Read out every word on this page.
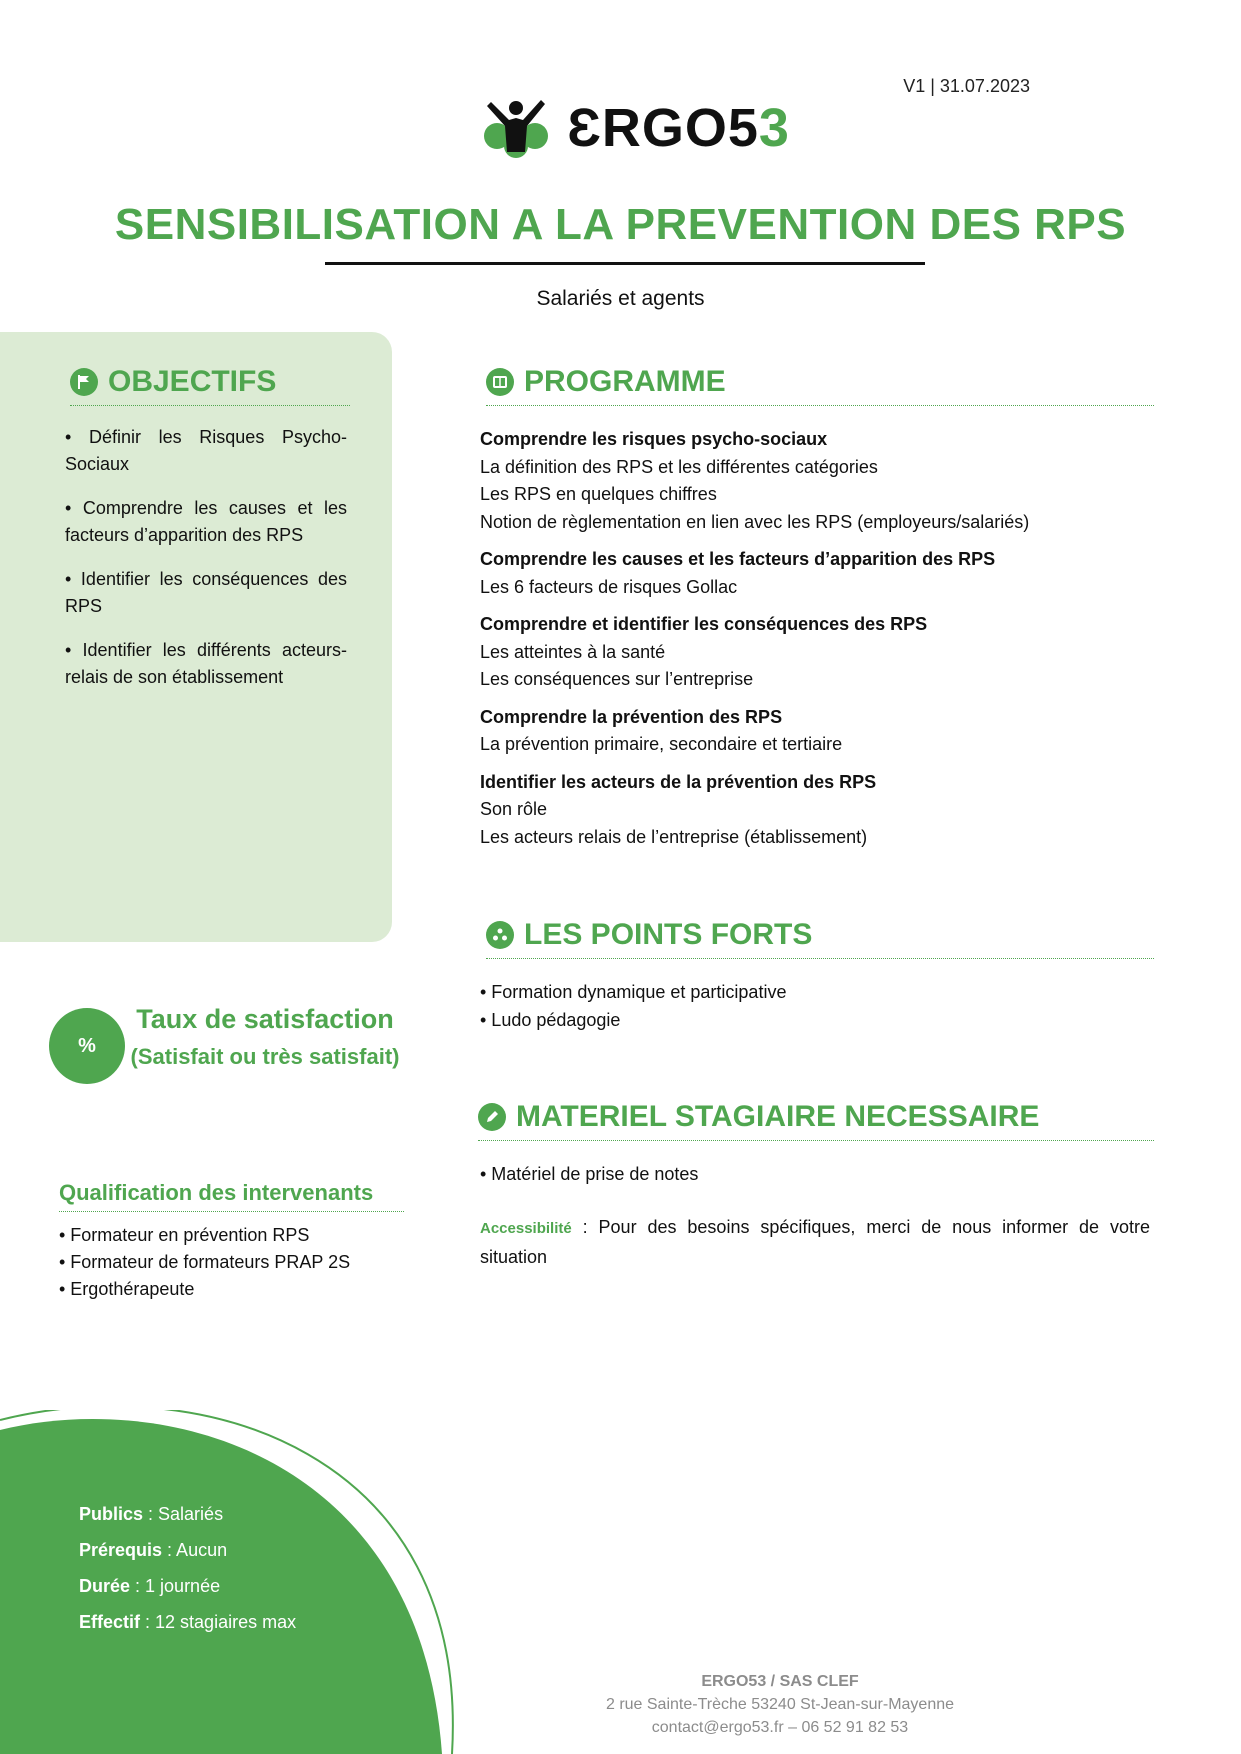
V1 | 31.07.2023
ƐRGO53
SENSIBILISATION A LA PREVENTION DES RPS
Salariés et agents
OBJECTIFS
• Définir les Risques Psycho-Sociaux
• Comprendre les causes et les facteurs d’apparition des RPS
• Identifier les conséquences des RPS
• Identifier les différents acteurs-relais de son établissement
PROGRAMME
Comprendre les risques psycho-sociaux
La définition des RPS et les différentes catégories
Les RPS en quelques chiffres
Notion de règlementation en lien avec les RPS (employeurs/salariés)
Comprendre les causes et les facteurs d’apparition des RPS
Les 6 facteurs de risques Gollac
Comprendre et identifier les conséquences des RPS
Les atteintes à la santé
Les conséquences sur l’entreprise
Comprendre la prévention des RPS
La prévention primaire, secondaire et tertiaire
Identifier les acteurs de la prévention des RPS
Son rôle
Les acteurs relais de l’entreprise (établissement)
%
Taux de satisfaction
(Satisfait ou très satisfait)
Qualification des intervenants
• Formateur en prévention RPS
• Formateur de formateurs PRAP 2S
• Ergothérapeute
LES POINTS FORTS
• Formation dynamique et participative
• Ludo pédagogie
MATERIEL STAGIAIRE NECESSAIRE
• Matériel de prise de notes
Accessibilité : Pour des besoins spécifiques, merci de nous informer de votre situation
Publics : Salariés
Prérequis : Aucun
Durée : 1 journée
Effectif : 12 stagiaires max
ERGO53 / SAS CLEF
2 rue Sainte-Trèche 53240 St-Jean-sur-Mayenne
contact@ergo53.fr – 06 52 91 82 53
